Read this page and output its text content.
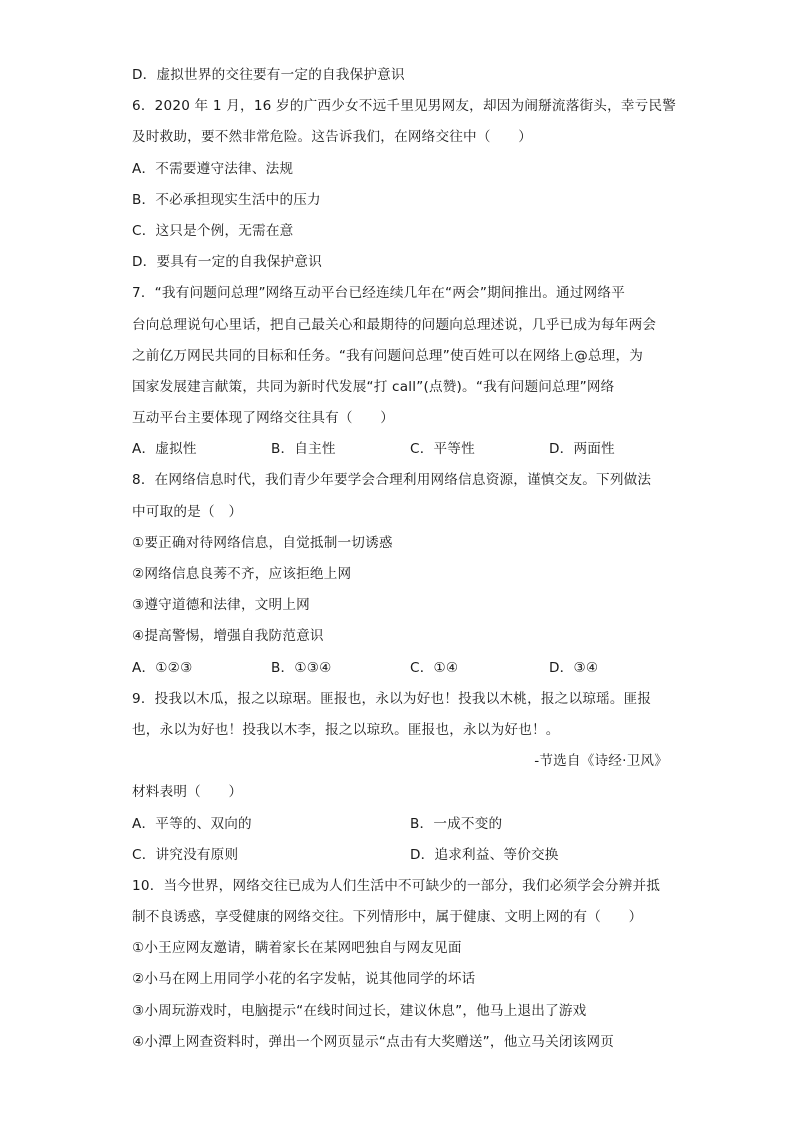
D．虚拟世界的交往要有一定的自我保护意识
6．2020 年 1 月，16 岁的广西少女不远千里见男网友，却因为闹掰流落街头，幸亏民警
及时救助，要不然非常危险。这告诉我们，在网络交往中（　　）
A．不需要遵守法律、法规
B．不必承担现实生活中的压力
C．这只是个例，无需在意
D．要具有一定的自我保护意识
7．“我有问题问总理”网络互动平台已经连续几年在“两会”期间推出。通过网络平
台向总理说句心里话，把自己最关心和最期待的问题向总理述说，几乎已成为每年两会
之前亿万网民共同的目标和任务。“我有问题问总理”使百姓可以在网络上@总理，为
国家发展建言献策，共同为新时代发展“打 call”(点赞)。“我有问题问总理”网络
互动平台主要体现了网络交往具有（　　）
A．虚拟性	B．自主性	C．平等性	D．两面性
8．在网络信息时代，我们青少年要学会合理利用网络信息资源，谨慎交友。下列做法
中可取的是（　）
①要正确对待网络信息，自觉抵制一切诱惑
②网络信息良莠不齐，应该拒绝上网
③遵守道德和法律，文明上网
④提高警惕，增强自我防范意识
A．①②③	B．①③④	C．①④	D．③④
9．投我以木瓜，报之以琼琚。匪报也，永以为好也！投我以木桃，报之以琼瑶。匪报
也，永以为好也！投我以木李，报之以琼玖。匪报也，永以为好也！。
-节选自《诗经·卫风》
材料表明（　　）
A．平等的、双向的	B．一成不变的
C．讲究没有原则	D．追求利益、等价交换
10．当今世界，网络交往已成为人们生活中不可缺少的一部分，我们必须学会分辨并抵
制不良诱惑，享受健康的网络交往。下列情形中，属于健康、文明上网的有（　　）
①小王应网友邀请，瞒着家长在某网吧独自与网友见面
②小马在网上用同学小花的名字发帖，说其他同学的坏话
③小周玩游戏时，电脑提示“在线时间过长，建议休息”，他马上退出了游戏
④小潭上网查资料时，弹出一个网页显示“点击有大奖赠送”，他立马关闭该网页
